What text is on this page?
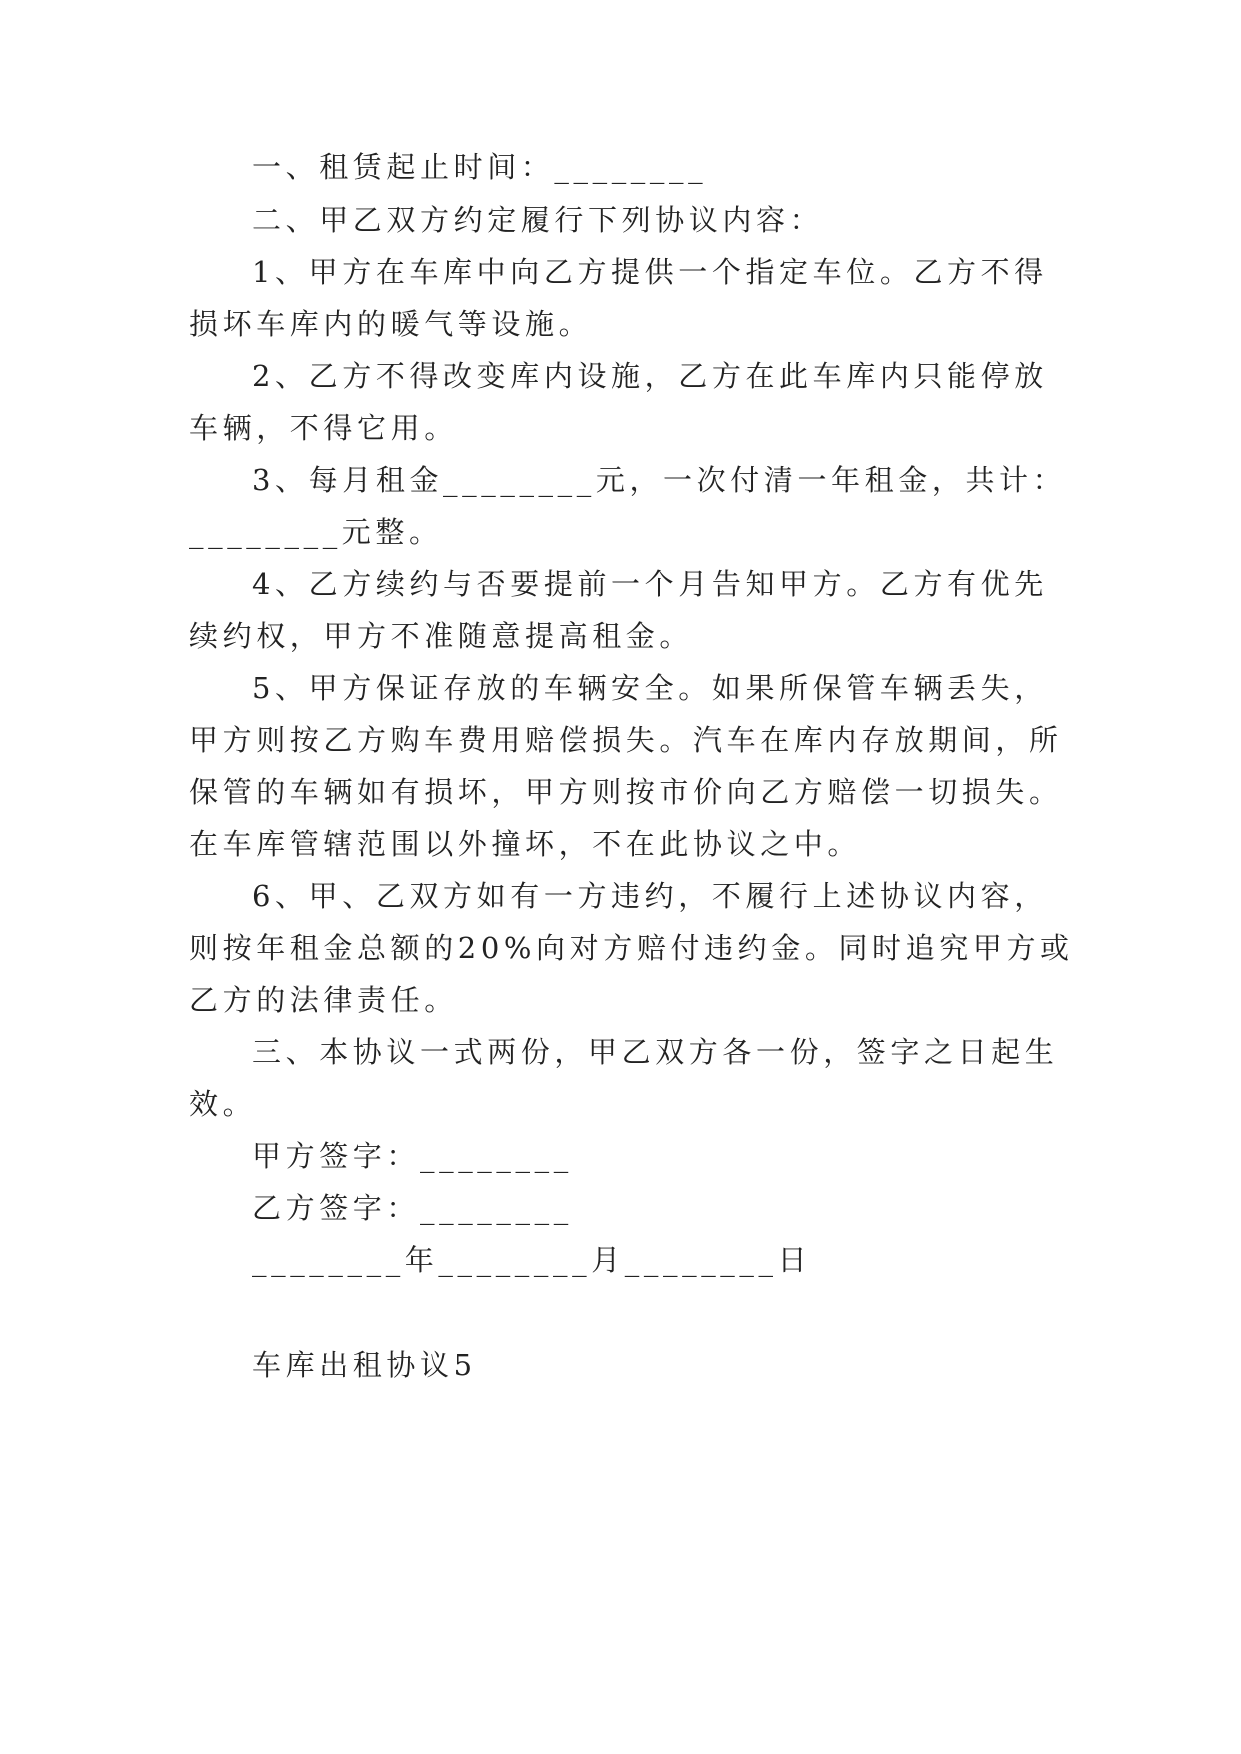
一、租赁起止时间：________

二、甲乙双方约定履行下列协议内容：

1、甲方在车库中向乙方提供一个指定车位。乙方不得

损坏车库内的暖气等设施。

2、乙方不得改变库内设施，乙方在此车库内只能停放

车辆，不得它用。

3、每月租金________元，一次付清一年租金，共计：

________元整。

4、乙方续约与否要提前一个月告知甲方。乙方有优先

续约权，甲方不准随意提高租金。

5、甲方保证存放的车辆安全。如果所保管车辆丢失，

甲方则按乙方购车费用赔偿损失。汽车在库内存放期间，所

保管的车辆如有损坏，甲方则按市价向乙方赔偿一切损失。

在车库管辖范围以外撞坏，不在此协议之中。

6、甲、乙双方如有一方违约，不履行上述协议内容，

则按年租金总额的20%向对方赔付违约金。同时追究甲方或

乙方的法律责任。

三、本协议一式两份，甲乙双方各一份，签字之日起生

效。

甲方签字：________

乙方签字：________

________年________月________日

车库出租协议5
